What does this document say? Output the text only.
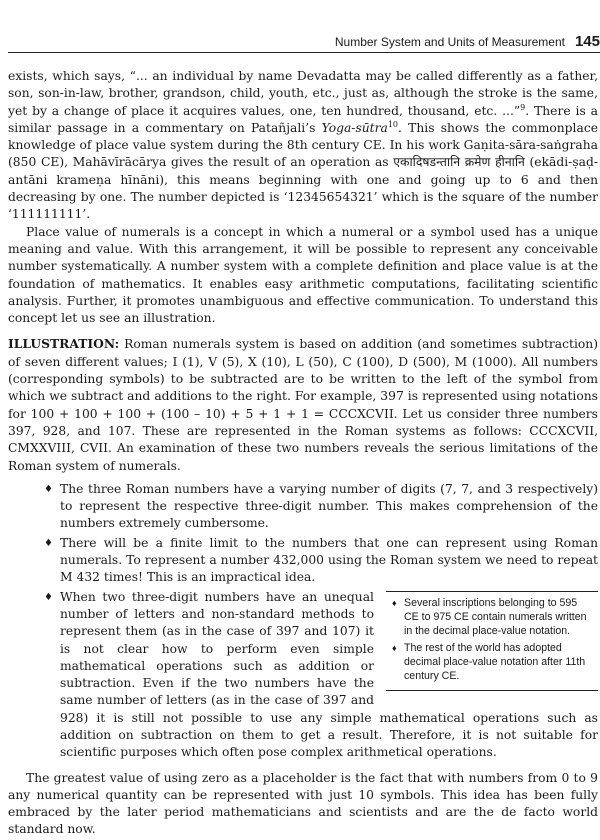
Number System and Units of Measurement 145

exists, which says, “... an individual by name Devadatta may be called differently as a father, son, son-in-law, brother, grandson, child, youth, etc., just as, although the stroke is the same, yet by a change of place it acquires values, one, ten hundred, thousand, etc. ...”$^9$. There is a similar passage in a commentary on Patañjali’s Yoga-sūtra$^{10}$. This shows the commonplace knowledge of place value system during the 8th century CE. In his work Gaṇita-sāra-saṅgraha (850 CE), Mahāvīrācārya gives the result of an operation as एकादिषडन्तानि क्रमेण हीनानि (ekādi-ṣaḍ-antāni krameṇa hīnāni), this means beginning with one and going up to 6 and then decreasing by one. The number depicted is ‘12345654321’ which is the square of the number ‘111111111’.

Place value of numerals is a concept in which a numeral or a symbol used has a unique meaning and value. With this arrangement, it will be possible to represent any conceivable number systematically. A number system with a complete definition and place value is at the foundation of mathematics. It enables easy arithmetic computations, facilitating scientific analysis. Further, it promotes unambiguous and effective communication. To understand this concept let us see an illustration.

ILLUSTRATION: Roman numerals system is based on addition (and sometimes subtraction) of seven different values; I (1), V (5), X (10), L (50), C (100), D (500), M (1000). All numbers (corresponding symbols) to be subtracted are to be written to the left of the symbol from which we subtract and additions to the right. For example, 397 is represented using notations for 100 + 100 + 100 + (100 – 10) + 5 + 1 + 1 = CCCXCVII. Let us consider three numbers 397, 928, and 107. These are represented in the Roman systems as follows: CCCXCVII, CMXXVIII, CVII. An examination of these two numbers reveals the serious limitations of the Roman system of numerals.

♦ The three Roman numbers have a varying number of digits (7, 7, and 3 respectively) to represent the respective three-digit number. This makes comprehension of the numbers extremely cumbersome.
♦ There will be a finite limit to the numbers that one can represent using Roman numerals. To represent a number 432,000 using the Roman system we need to repeat M 432 times! This is an impractical idea.
♦	♦ Several inscriptions belonging to 595 CE to 975 CE contain numerals written in the decimal place-value notation.
♦ The rest of the world has adopted decimal place-value notation after 11th century CE.
When two three-digit numbers have an unequal number of letters and non-standard methods to represent them (as in the case of 397 and 107) it is not clear how to perform even simple mathematical operations such as addition or subtraction. Even if the two numbers have the same number of letters (as in the case of 397 and 928) it is still not possible to use any simple mathematical operations such as addition on subtraction on them to get a result. Therefore, it is not suitable for scientific purposes which often pose complex arithmetical operations.

The greatest value of using zero as a placeholder is the fact that with numbers from 0 to 9 any numerical quantity can be represented with just 10 symbols. This idea has been fully embraced by the later period mathematicians and scientists and are the de facto world standard now.
